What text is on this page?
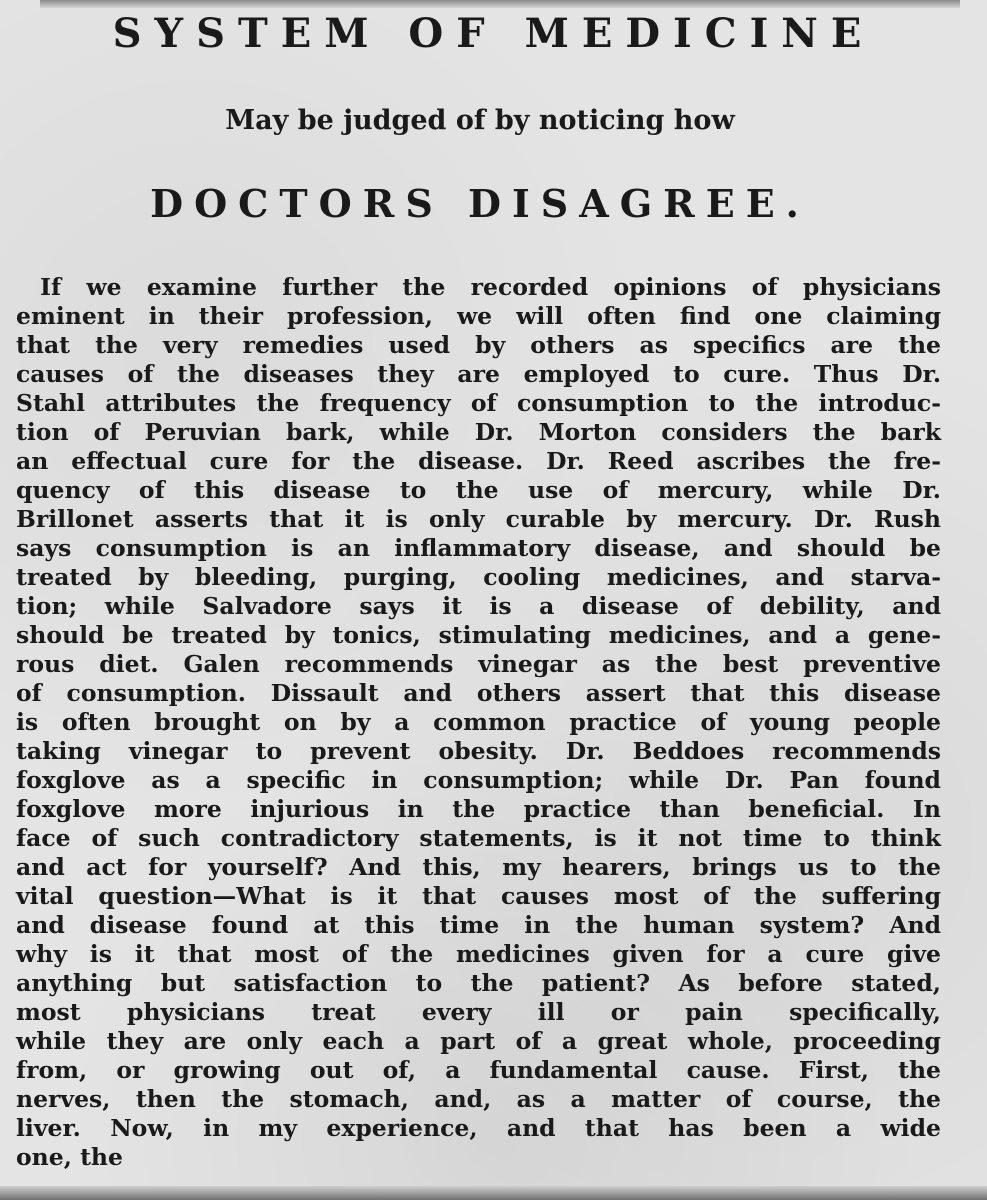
SYSTEM OF MEDICINE
May be judged of by noticing how
DOCTORS DISAGREE.
If we examine further the recorded opinions of physicians
eminent in their profession, we will often find one claiming
that the very remedies used by others as specifics are the
causes of the diseases they are employed to cure. Thus Dr.
Stahl attributes the frequency of consumption to the introduc-
tion of Peruvian bark, while Dr. Morton considers the bark
an effectual cure for the disease. Dr. Reed ascribes the fre-
quency of this disease to the use of mercury, while Dr.
Brillonet asserts that it is only curable by mercury. Dr. Rush
says consumption is an inflammatory disease, and should be
treated by bleeding, purging, cooling medicines, and starva-
tion; while Salvadore says it is a disease of debility, and
should be treated by tonics, stimulating medicines, and a gene-
rous diet. Galen recommends vinegar as the best preventive
of consumption. Dissault and others assert that this disease
is often brought on by a common practice of young people
taking vinegar to prevent obesity. Dr. Beddoes recommends
foxglove as a specific in consumption; while Dr. Pan found
foxglove more injurious in the practice than beneficial. In
face of such contradictory statements, is it not time to think
and act for yourself? And this, my hearers, brings us to the
vital question—What is it that causes most of the suffering
and disease found at this time in the human system? And
why is it that most of the medicines given for a cure give
anything but satisfaction to the patient? As before stated,
most physicians treat every ill or pain specifically,
while they are only each a part of a great whole, proceeding
from, or growing out of, a fundamental cause. First, the
nerves, then the stomach, and, as a matter of course, the
liver. Now, in my experience, and that has been a wide
one, the
